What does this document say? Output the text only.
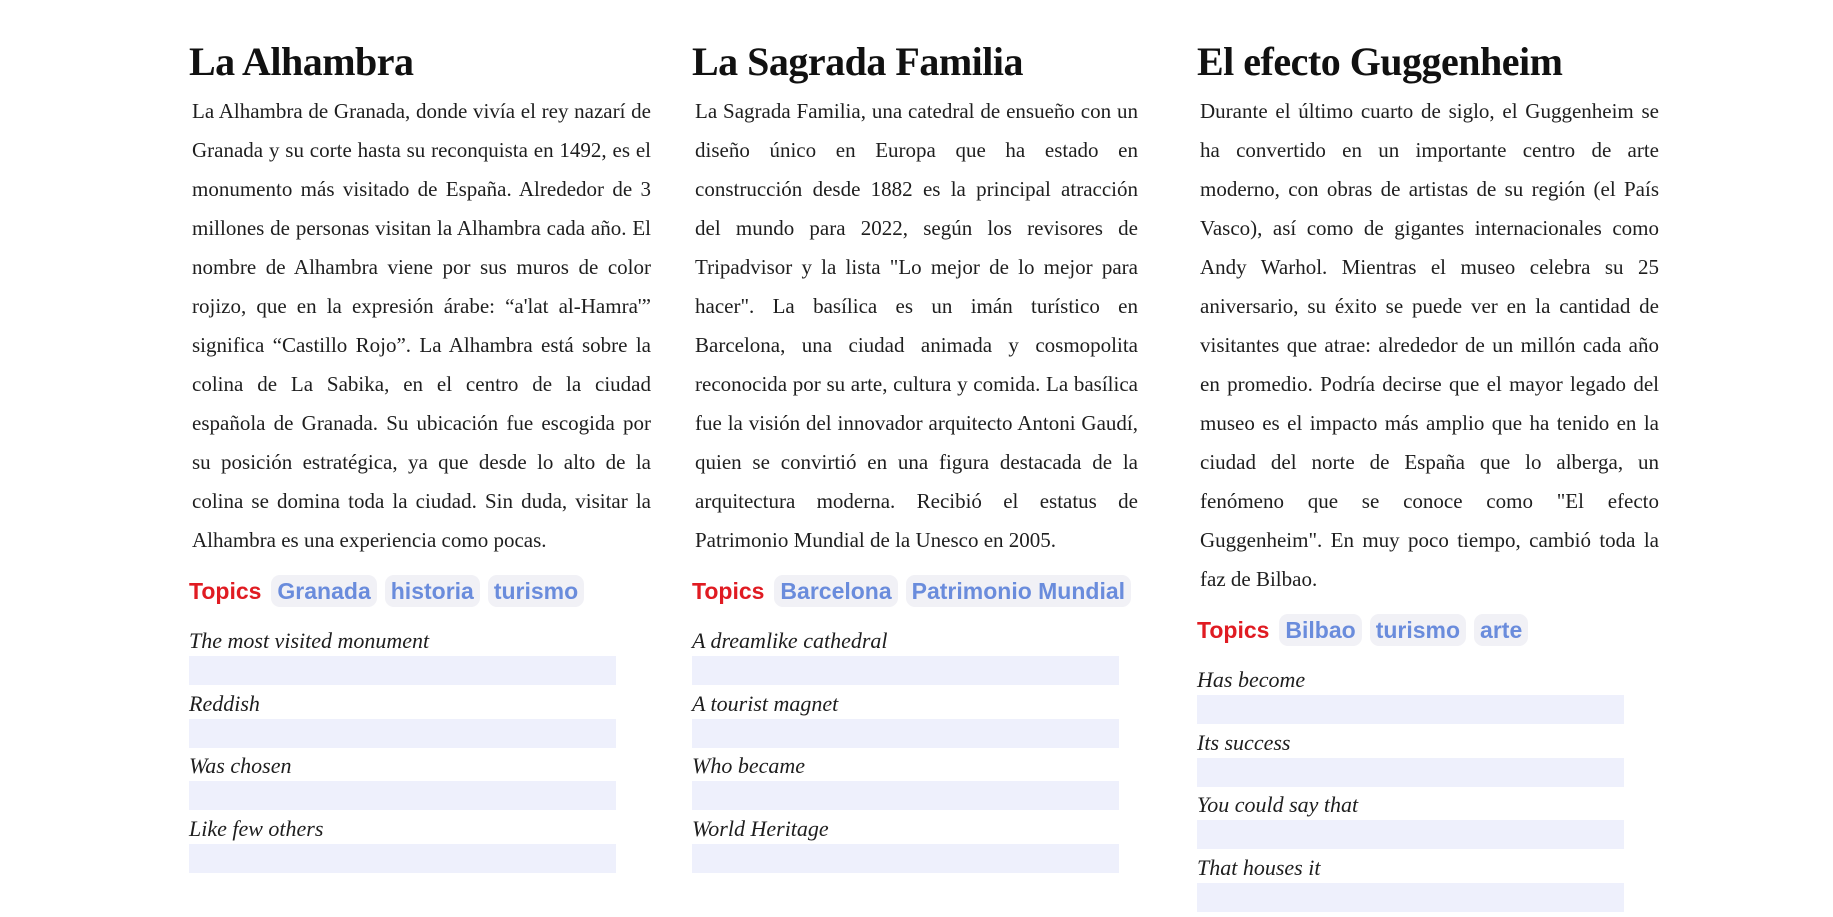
La Alhambra

La Alhambra de Granada, donde vivía el rey nazarí de Granada y su corte hasta su reconquista en 1492, es el monumento más visitado de España. Alrededor de 3 millones de personas visitan la Alhambra cada año. El nombre de Alhambra viene por sus muros de color rojizo, que en la expresión árabe: “a'lat al-Hamra'” significa “Castillo Rojo”. La Alhambra está sobre la colina de La Sabika, en el centro de la ciudad española de Granada. Su ubicación fue escogida por su posición estratégica, ya que desde lo alto de la colina se domina toda la ciudad. Sin duda, visitar la Alhambra es una experiencia como pocas.

Topics Granada historia turismo
The most visited monument
Reddish
Was chosen
Like few others
La Sagrada Familia

La Sagrada Familia, una catedral de ensueño con un diseño único en Europa que ha estado en construcción desde 1882 es la principal atracción del mundo para 2022, según los revisores de Tripadvisor y la lista "Lo mejor de lo mejor para hacer". La basílica es un imán turístico en Barcelona, una ciudad animada y cosmopolita reconocida por su arte, cultura y comida. La basílica fue la visión del innovador arquitecto Antoni Gaudí, quien se convirtió en una figura destacada de la arquitectura moderna. Recibió el estatus de Patrimonio Mundial de la Unesco en 2005.

Topics Barcelona Patrimonio Mundial
A dreamlike cathedral
A tourist magnet
Who became
World Heritage
El efecto Guggenheim

Durante el último cuarto de siglo, el Guggenheim se ha convertido en un importante centro de arte moderno, con obras de artistas de su región (el País Vasco), así como de gigantes internacionales como Andy Warhol. Mientras el museo celebra su 25 aniversario, su éxito se puede ver en la cantidad de visitantes que atrae: alrededor de un millón cada año en promedio. Podría decirse que el mayor legado del museo es el impacto más amplio que ha tenido en la ciudad del norte de España que lo alberga, un fenómeno que se conoce como "El efecto Guggenheim". En muy poco tiempo, cambió toda la faz de Bilbao.

Topics Bilbao turismo arte
Has become
Its success
You could say that
That houses it
